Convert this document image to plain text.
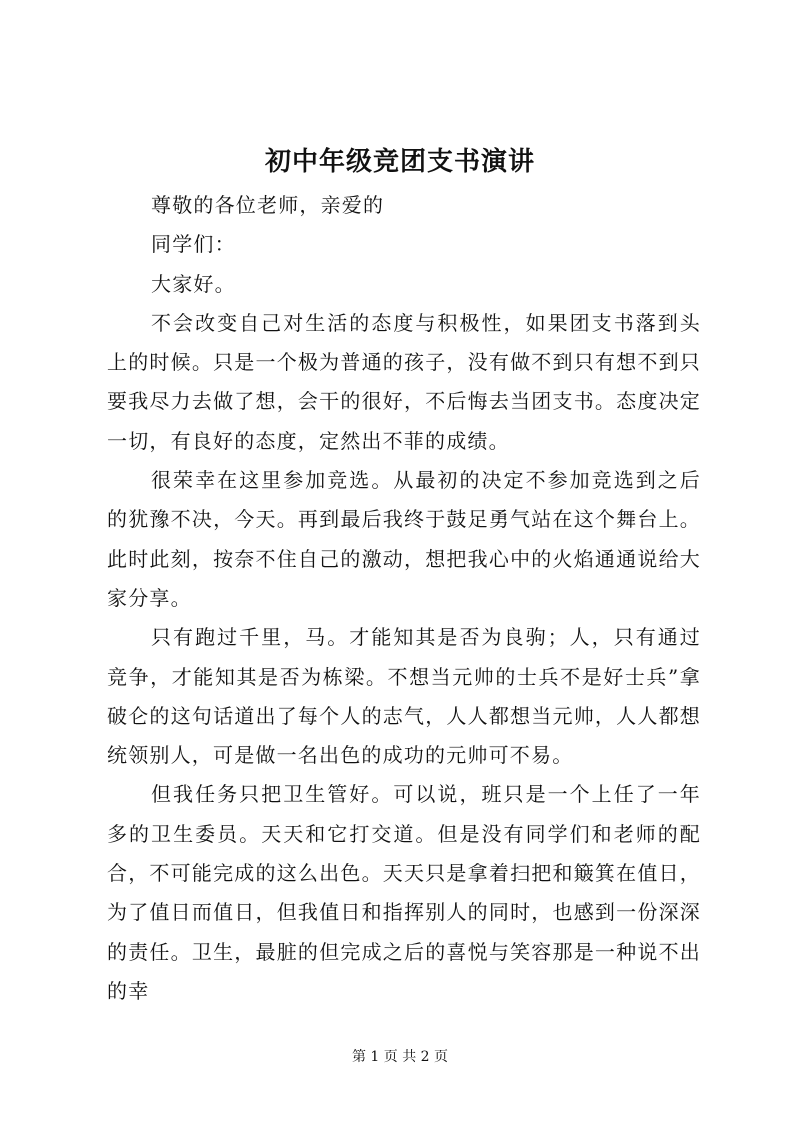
初中年级竞团支书演讲

尊敬的各位老师，亲爱的

同学们：

大家好。

不会改变自己对生活的态度与积极性，如果团支书落到头上的时候。只是一个极为普通的孩子，没有做不到只有想不到只要我尽力去做了想，会干的很好，不后悔去当团支书。态度决定一切，有良好的态度，定然出不菲的成绩。

很荣幸在这里参加竞选。从最初的决定不参加竞选到之后的犹豫不决，今天。再到最后我终于鼓足勇气站在这个舞台上。此时此刻，按奈不住自己的激动，想把我心中的火焰通通说给大家分享。

只有跑过千里，马。才能知其是否为良驹；人，只有通过竞争，才能知其是否为栋梁。不想当元帅的士兵不是好士兵”拿破仑的这句话道出了每个人的志气，人人都想当元帅，人人都想统领别人，可是做一名出色的成功的元帅可不易。

但我任务只把卫生管好。可以说，班只是一个上任了一年多的卫生委员。天天和它打交道。但是没有同学们和老师的配合，不可能完成的这么出色。天天只是拿着扫把和簸箕在值日，为了值日而值日，但我值日和指挥别人的同时，也感到一份深深的责任。卫生，最脏的但完成之后的喜悦与笑容那是一种说不出的幸

第 1 页 共 2 页
